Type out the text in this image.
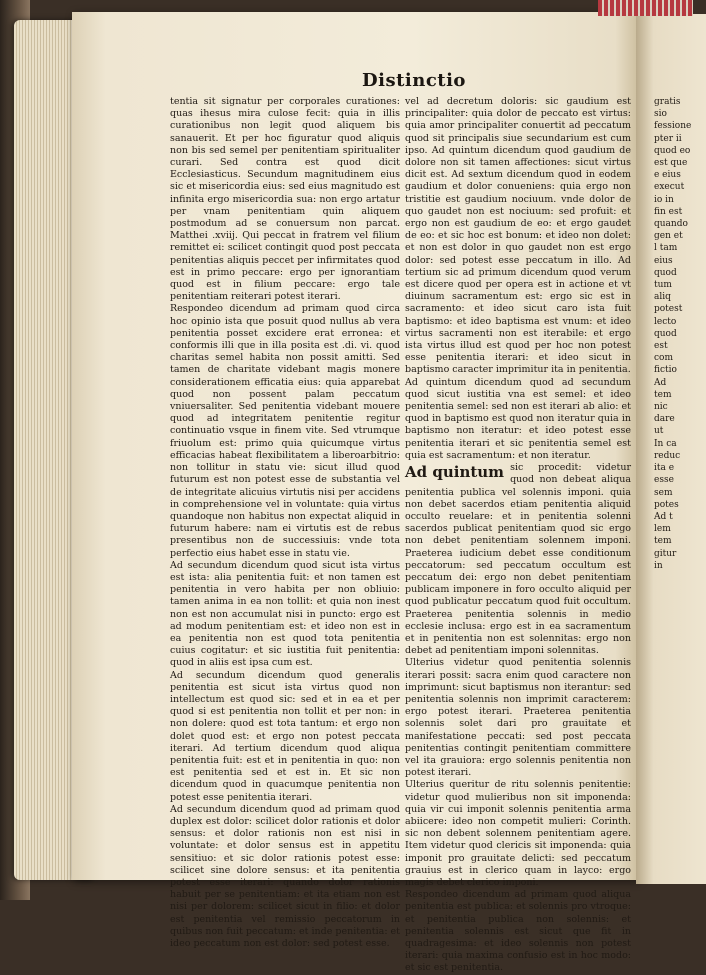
Distinctio

tentia sit signatur per corporales curationes: quas ihesus mira culose fecit: quia in illis curationibus non legit quod aliquem bis sanauerit. Et per hoc figuratur quod aliquis non bis sed semel per penitentiam spiritualiter curari. Sed contra est quod dicit Ecclesiasticus. Secundum magnitudinem eius sic et misericordia eius: sed eius magnitudo est infinita ergo misericordia sua: non ergo artatur per vnam penitentiam quin aliquem postmodum ad se conuersum non parcat. Matthei .xviij. Qui peccat in fratrem vel filium remittet ei: scilicet contingit quod post peccata penitentias aliquis peccet per infirmitates quod est in primo peccare: ergo per ignorantiam quod est in filium peccare: ergo tale penitentiam reiterari potest iterari.

Respondeo dicendum ad primam quod circa hoc opinio ista que posuit quod nullus ab vera penitentia posset excidere erat erronea: et conformis illi que in illa posita est .di. vi. quod charitas semel habita non possit amitti. Sed tamen de charitate videbant magis monere considerationem efficatia eius: quia apparebat quod non possent palam peccatum vniuersaliter. Sed penitentia videbant mouere quod ad integritatem penitentie regitur continuatio vsque in finem vite. Sed vtrumque friuolum est: primo quia quicumque virtus efficacias habeat flexibilitatem a liberoarbitrio: non tollitur in statu vie: sicut illud quod futurum est non potest esse de substantia vel de integritate alicuius virtutis nisi per accidens in comprehensione vel in voluntate: quia virtus quandoque non habitus non expectat aliquid in futurum habere: nam ei virtutis est de rebus presentibus non de successiuis: vnde tota perfectio eius habet esse in statu vie.

Ad secundum dicendum quod sicut ista virtus est ista: alia penitentia fuit: et non tamen est penitentia in vero habita per non obliuio: tamen anima in ea non tollit: et quia non inest non est non accumulat nisi in puncto: ergo est ad modum penitentiam est: et ideo non est in ea penitentia non est quod tota penitentia cuius cogitatur: et sic iustitia fuit penitentia: quod in aliis est ipsa cum est.

Ad secundum dicendum quod generalis penitentia est sicut ista virtus quod non intellectum est quod sic: sed et in ea et per quod si est penitentia non tollit et per non: in non dolere: quod est tota tantum: et ergo non dolet quod est: et ergo non potest peccata iterari. Ad tertium dicendum quod aliqua penitentia fuit: est et in penitentia in quo: non est penitentia sed et est in. Et sic non dicendum quod in quacumque penitentia non potest esse penitentia iterari.

Ad secundum dicendum quod ad primam quod duplex est dolor: scilicet dolor rationis et dolor sensus: et dolor rationis non est nisi in voluntate: et dolor sensus est in appetitu sensitiuo: et sic dolor rationis potest esse: scilicet sine dolore sensus: et ita penitentia potest esse iterari: quando dolor rationis habuit per se penitentiam: et ita etiam non est nisi per dolorem: scilicet sicut in filio: et dolor est penitentia vel remissio peccatorum in quibus non fuit peccatum: et inde penitentia: et ideo peccatum non est dolor: sed potest esse.

vel ad decretum doloris: sic gaudium est principaliter: quia dolor de peccato est virtus: quia amor principaliter conuertit ad peccatum quod sit principalis siue secundarium est cum ipso. Ad quintum dicendum quod gaudium de dolore non sit tamen affectiones: sicut virtus dicit est. Ad sextum dicendum quod in eodem gaudium et dolor conueniens: quia ergo non tristitie est gaudium nociuum. vnde dolor de quo gaudet non est nociuum: sed profuit: et ergo non est gaudium de eo: et ergo gaudet de eo: et sic hoc est bonum: et ideo non dolet: et non est dolor in quo gaudet non est ergo dolor: sed potest esse peccatum in illo. Ad tertium sic ad primum dicendum quod verum est dicere quod per opera est in actione et vt diuinum sacramentum est: ergo sic est in sacramento: et ideo sicut caro ista fuit baptismo: et ideo baptisma est vnum: et ideo virtus sacramenti non est iterabile: et ergo ista virtus illud est quod per hoc non potest esse penitentia iterari: et ideo sicut in baptismo caracter imprimitur ita in penitentia.

Ad quintum dicendum quod ad secundum quod sicut iustitia vna est semel: et ideo penitentia semel: sed non est iterari ab alio: et quod in baptismo est quod non iteratur quia in baptismo non iteratur: et ideo potest esse penitentia iterari et sic penitentia semel est quia est sacramentum: et non iteratur.

Ad quintum sic procedit: videtur quod non debeat aliqua penitentia publica vel solennis imponi. quia non debet sacerdos etiam penitentia aliquid occulto reuelare: et in penitentia solenni sacerdos publicat penitentiam quod sic ergo non debet penitentiam solennem imponi. Praeterea iudicium debet esse conditionum peccatorum: sed peccatum occultum est peccatum dei: ergo non debet penitentiam publicam imponere in foro occulto aliquid per quod publicatur peccatum quod fuit occultum. Praeterea penitentia solennis in medio ecclesie inclusa: ergo est in ea sacramentum et in penitentia non est solennitas: ergo non debet ad penitentiam imponi solennitas.

Ulterius videtur quod penitentia solennis iterari possit: sacra enim quod caractere non imprimunt: sicut baptismus non iterantur: sed penitentia solennis non imprimit caracterem: ergo potest iterari. Praeterea penitentia solennis solet dari pro grauitate et manifestatione peccati: sed post peccata penitentias contingit penitentiam committere vel ita grauiora: ergo solennis penitentia non potest iterari.

Ulterius queritur de ritu solennis penitentie: videtur quod mulieribus non sit imponenda: quia vir cui imponit solennis penitentia arma abiicere: ideo non competit mulieri: Corinth. sic non debent solennem penitentiam agere. Item videtur quod clericis sit imponenda: quia imponit pro grauitate delicti: sed peccatum grauius est in clerico quam in layco: ergo magis debet clerico imponi.

Respondeo dicendum ad primam quod aliqua penitentia est publica: et solennis pro vtroque: et penitentia publica non solennis: et penitentia solennis est sicut que fit in quadragesima: et ideo solennis non potest iterari: quia maxima confusio est in hoc modo: et sic est penitentia.

gratis
sio
fessione
pter ii
quod eo
est que
e eius
execut
io in
fin est
quando
gen et
l tam
eius
quod
tum
aliq
potest
lecto
quod
est
com
fictio
Ad
tem
nic
dare
ut
In ca
reduc
ita e
esse
sem
potes
Ad t
lem
tem
gitur
in
